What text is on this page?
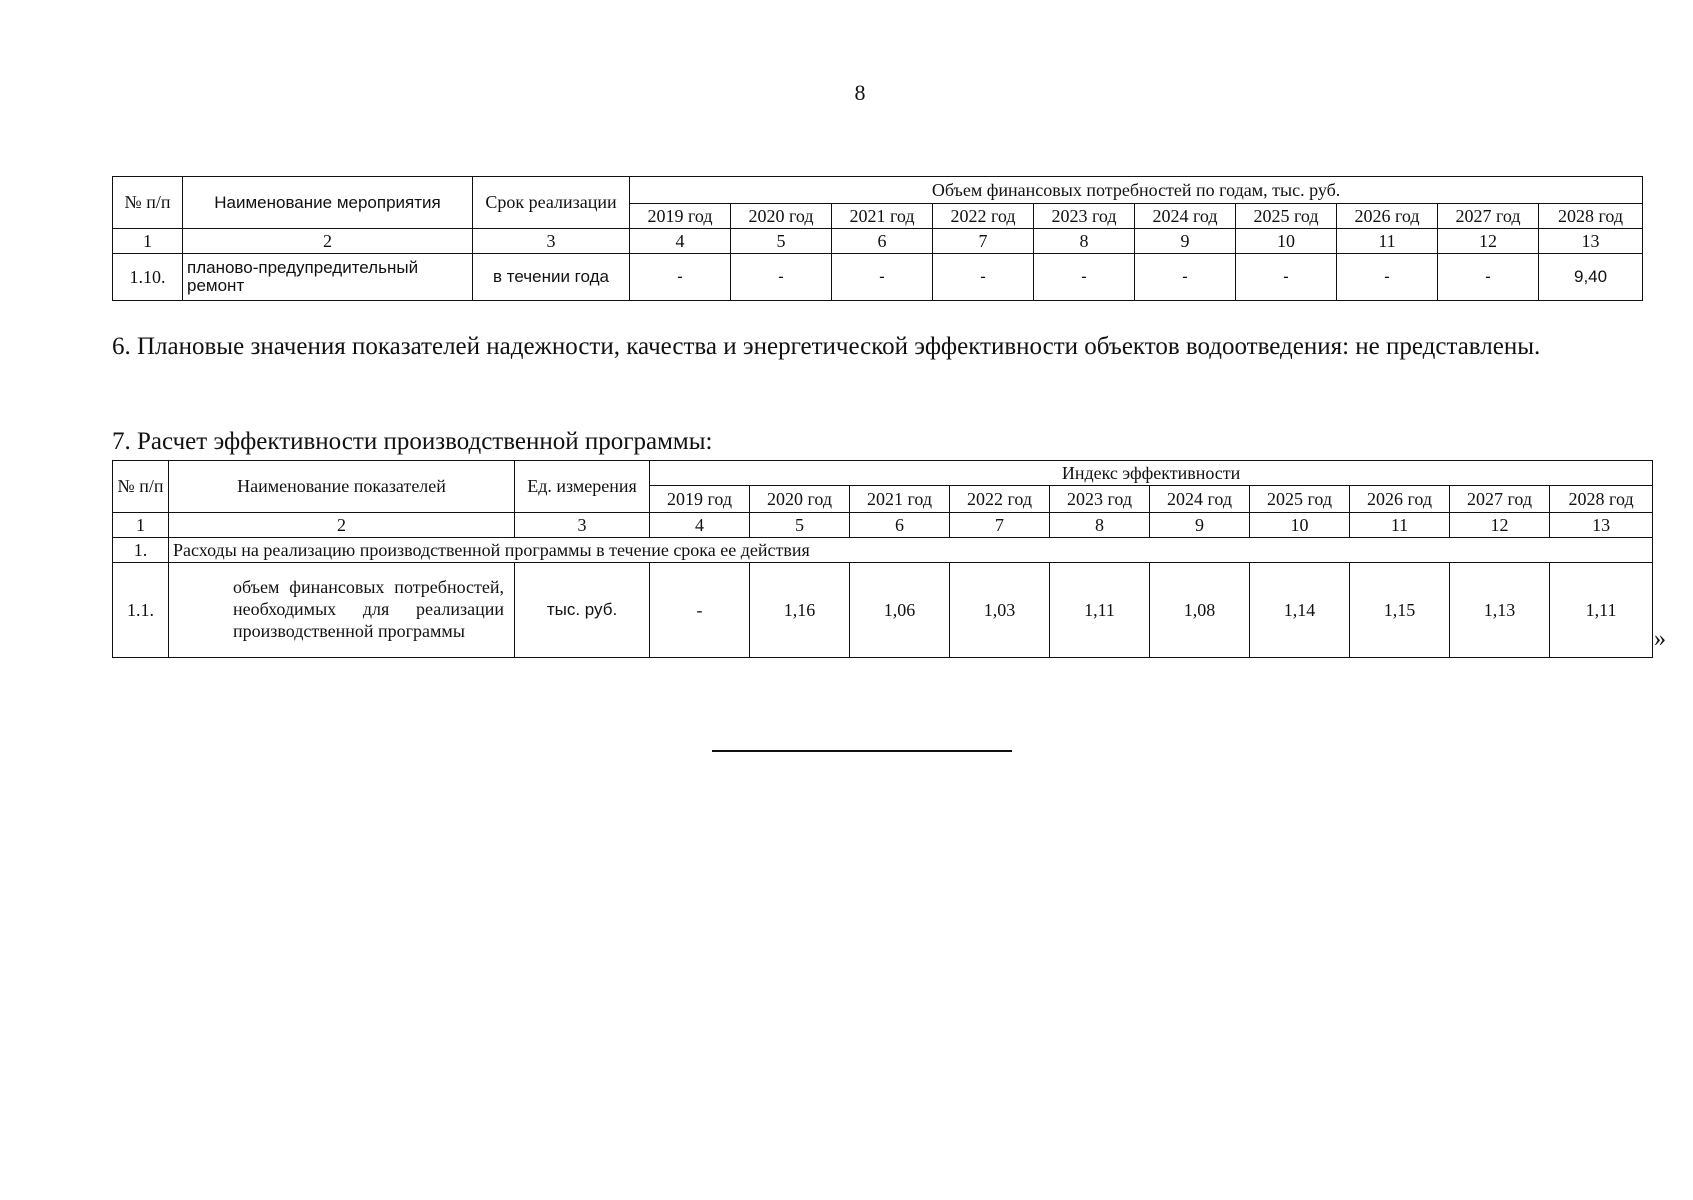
8
№ п/п	Наименование мероприятия	Срок реализации	Объем финансовых потребностей по годам, тыс. руб.									
			2019 год	2020 год	2021 год	2022 год	2023 год	2024 год	2025 год	2026 год	2027 год	2028 год
1	2	3	4	5	6	7	8	9	10	11	12	13
1.10.	планово-предупредительный ремонт	в течении года	-	-	-	-	-	-	-	-	-	9,40
6. Плановые значения показателей надежности, качества и энергетической эффективности объектов водоотведения: не представлены.
7. Расчет эффективности производственной программы:
№ п/п	Наименование показателей	Ед. измерения	Индекс эффективности									
			2019 год	2020 год	2021 год	2022 год	2023 год	2024 год	2025 год	2026 год	2027 год	2028 год
1	2	3	4	5	6	7	8	9	10	11	12	13
1.	Расходы на реализацию производственной программы в течение срока ее действия											
1.1.	объем финансовых потребностей, необходимых для реализации производственной программы	тыс. руб.	-	1,16	1,06	1,03	1,11	1,08	1,14	1,15	1,13	1,11
»
